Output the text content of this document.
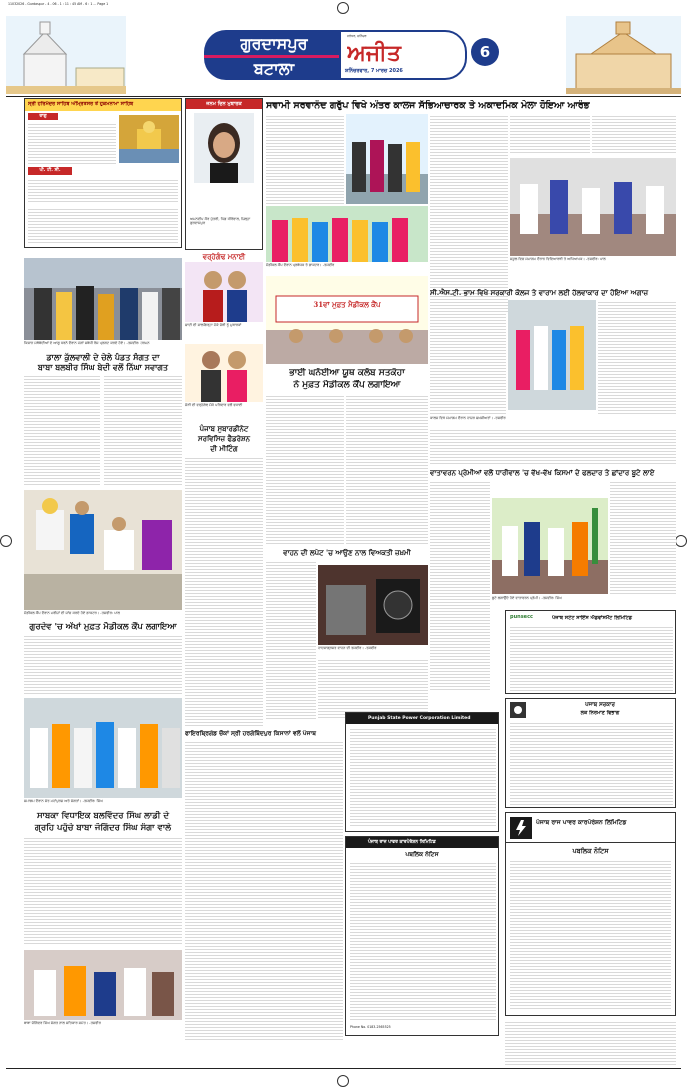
11032026 - Gurdaspur - 4 - 06 - 1 : 11 : 45 AM - 6 : 1 ... Page 1
ਗੁਰਦਾਸਪੁਰ
ਬਟਾਲਾ
ਜਲੰਧਰ, ਸ਼ਨਿੱਚਰ
ਅਜੀਤ
ਸ਼ਨਿੱਚਰਵਾਰ, 7 ਮਾਰਚ 2026
6
ਸ੍ਰੀ ਹਰਿਮੰਦਰ ਸਾਹਿਬ ਅੰਮ੍ਰਿਤਸਰ ਤੋਂ ਹੁਕਮਨਾਮਾ ਸਾਹਿਬ
ਰਾਗੁ
ਪੀ. ਟੀ. ਸੀ.
ਕਿਸਾਨ ਜਥੇਬੰਦੀਆਂ ਦੇ ਆਗੂ ਧਰਨੇ ਦੌਰਾਨ ਮੰਗਾਂ ਸਬੰਧੀ ਰੋਸ ਪ੍ਰਗਟ ਕਰਦੇ ਹੋਏ। -ਤਸਵੀਰ: ਹਰਮਨ
ਡਾਲਾ ਕੁੱਲਵਾਲੀ ਦੇ ਚੇਲੇ ਪੰਡਤ ਸੰਗਤ ਦਾ
ਬਾਬਾ ਬਲਬੀਰ ਸਿੰਘ ਬੇਦੀ ਵਲੋਂ ਨਿੱਘਾ ਸਵਾਗਤ
ਮੈਡੀਕਲ ਕੈਂਪ ਦੌਰਾਨ ਮਰੀਜ਼ਾਂ ਦੀ ਜਾਂਚ ਕਰਦੇ ਹੋਏ ਡਾਕਟਰ। -ਤਸਵੀਰ: ਪਾਲ
ਗੁਰਦੇਵ 'ਚ ਅੱਖਾਂ ਮੁਫ਼ਤ ਮੈਡੀਕਲ ਕੈਂਪ ਲਗਾਇਆ
ਸਮਾਗਮ ਦੌਰਾਨ ਸੰਤ ਮਹਾਂਪੁਰਸ਼ ਅਤੇ ਸੰਗਤਾਂ। -ਤਸਵੀਰ: ਸਿੰਘ
ਸਾਬਕਾ ਵਿਧਾਇਕ ਬਲਵਿੰਦਰ ਸਿੰਘ ਲਾਡੀ ਦੇ
ਗ੍ਰਹਿ ਪਹੁੰਚੇ ਬਾਬਾ ਜੋਗਿੰਦਰ ਸਿੰਘ ਸੰਗਾ ਵਾਲੇ
ਬਾਬਾ ਜੋਗਿੰਦਰ ਸਿੰਘ ਸੰਗਤ ਨਾਲ ਸਤਿਕਾਰ ਸਮੇਤ। -ਤਸਵੀਰ
ਜਨਮ ਦਿਨ ਮੁਬਾਰਕ
ਅਮਨਦੀਪ ਕੌਰ ਪੁੱਤਰੀ, ਪਿੰਡ ਧੀਰੋਵਾਲ, ਜ਼ਿਲ੍ਹਾ ਗੁਰਦਾਸਪੁਰ
ਵਰ੍ਹੇਗੰਢ ਮਨਾਈ
ਸ਼ਾਦੀ ਦੀ ਸਾਲਗਿਰ੍ਹਾ ਮੌਕੇ ਜੋੜੀ ਨੂੰ ਮੁਬਾਰਕਾਂ
ਜੋੜੀ ਦੀ ਵਰ੍ਹੇਗੰਢ ਮੌਕੇ ਪਰਿਵਾਰ ਵਲੋਂ ਵਧਾਈ
ਪੰਜਾਬ ਸੁਬਾਰਡੀਨੇਟ
ਸਰਵਿਸਿਜ਼ ਫੈਡਰੇਸ਼ਨ
ਦੀ ਮੀਟਿੰਗ
ਫਾਇਰਬ੍ਰਿਗੇਡ ਚੌਕਾਂ ਸ੍ਰੀ ਹਰਗੋਬਿੰਦਪੁਰ ਕਿਸਾਨਾਂ ਵਲੋਂ ਪੰਜਾਬ
ਸਵਾਮੀ ਸਰਵਾਨੰਦ ਗਰੁੱਪ ਵਿਖੇ ਅੰਤਰ ਕਾਲਜ ਸੱਭਿਆਚਾਰਕ ਤੇ ਅਕਾਦਮਿਕ ਮੇਲਾ ਹੋਇਆ ਆਰੰਭ
ਮੈਡੀਕਲ ਕੈਂਪ ਦੌਰਾਨ ਪ੍ਰਬੰਧਕ ਤੇ ਡਾਕਟਰ। -ਤਸਵੀਰ
31ਵਾਂ ਮੁਫ਼ਤ ਮੈਡੀਕਲ ਕੈਂਪ
ਭਾਈ ਘਨੱਈਆ ਯੂਥ ਕਲੱਬ ਸਤਕੋਹਾ
ਨੇ ਮੁਫ਼ਤ ਮੈਡੀਕਲ ਕੈਂਪ ਲਗਾਇਆ
ਵਾਹਨ ਦੀ ਲਪੇਟ 'ਚ ਆਉਣ ਨਾਲ ਵਿਅਕਤੀ ਜ਼ਖ਼ਮੀ
ਹਾਦਸਾਗ੍ਰਸਤ ਵਾਹਨ ਦੀ ਤਸਵੀਰ। -ਤਸਵੀਰ
Punjab State Power Corporation Limited
ਪੰਜਾਬ ਰਾਜ ਪਾਵਰ ਕਾਰਪੋਰੇਸ਼ਨ ਲਿਮਿਟਿਡ
ਪਬਲਿਕ ਨੋਟਿਸ
Phone No. 0183-2565525
ਸਕੂਲ ਵਿਚ ਸਮਾਗਮ ਦੌਰਾਨ ਵਿਦਿਆਰਥੀ ਤੇ ਅਧਿਆਪਕ। -ਤਸਵੀਰ: ਪਾਲ
ਸੀ.ਐਸ.ਟੀ. ਭਾਮ ਵਿਖੇ ਸਰਕਾਰੀ ਕੋਲਜ ਤੇ ਵਾਰਾਮ ਲਈ ਹੱਲਵਾਕਾਰ ਦਾ ਹੋਇਆ ਅਗਾਜ਼
ਕਾਲਜ ਵਿਖੇ ਸਮਾਗਮ ਦੌਰਾਨ ਹਾਜ਼ਰ ਸ਼ਖ਼ਸੀਅਤਾਂ। -ਤਸਵੀਰ
ਵਾਤਾਵਰਨ ਪ੍ਰੇਮੀਆਂ ਵਲੋਂ ਧਾਰੀਵਾਲ 'ਚ ਵੱਖ-ਵੱਖ ਕਿਸਮਾਂ ਦੇ ਫਲਦਾਰ ਤੇ ਛਾਂਦਾਰ ਬੂਟੇ ਲਾਏ
ਬੂਟੇ ਲਗਾਉਂਦੇ ਹੋਏ ਵਾਤਾਵਰਨ ਪ੍ਰੇਮੀ। -ਤਸਵੀਰ: ਸਿੰਘ
punsecc	ਪੰਜਾਬ ਸਟੇਟ ਸਾਇੰਸ ਐਡਵਾਂਸਮੈਂਟ ਲਿਮਿਟਿਡ
ਪੰਜਾਬ ਸਰਕਾਰ
ਲੋਕ ਨਿਰਮਾਣ ਵਿਭਾਗ
ਪੰਜਾਬ ਰਾਜ ਪਾਵਰ ਕਾਰਪੋਰੇਸ਼ਨ ਲਿਮਿਟਿਡ
ਪਬਲਿਕ ਨੋਟਿਸ
